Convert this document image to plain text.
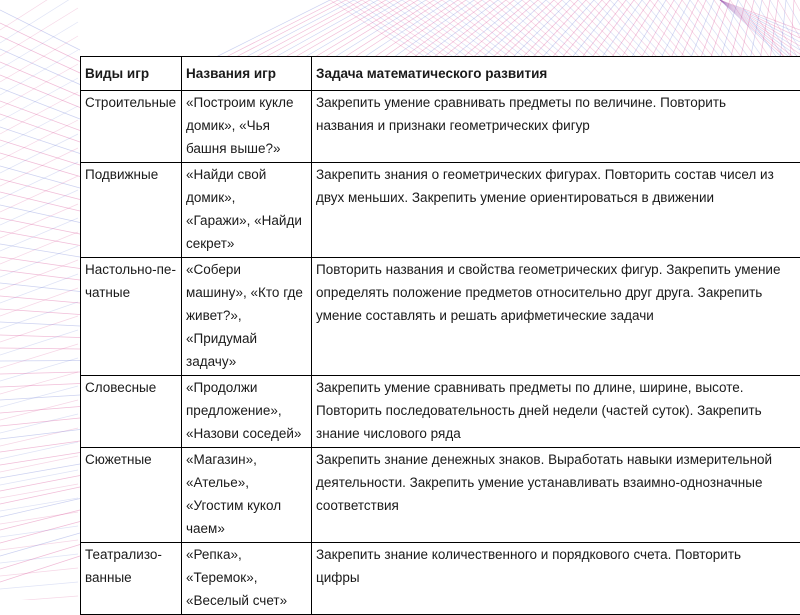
Виды игр	Названия игр	Задача математического развития

Строительные	«Построим кукле
домик», «Чья
башня выше?»	Закрепить умение сравнивать предметы по величине. Повторить
названия и признаки геометрических фигур

Подвижные	«Найди свой
домик»,
«Гаражи», «Найди
секрет»	Закрепить знания о геометрических фигурах. Повторить состав чисел из
двух меньших. Закрепить умение ориентироваться в движении

Настольно-пе-
чатные	«Собери
машину», «Кто где
живет?»,
«Придумай
задачу»	Повторить названия и свойства геометрических фигур. Закрепить умение
определять положение предметов относительно друг друга. Закрепить
умение составлять и решать арифметические задачи

Словесные	«Продолжи
предложение»,
«Назови соседей»	Закрепить умение сравнивать предметы по длине, ширине, высоте.
Повторить последовательность дней недели (частей суток). Закрепить
знание числового ряда

Сюжетные	«Магазин»,
«Ателье»,
«Угостим кукол
чаем»	Закрепить знание денежных знаков. Выработать навыки измерительной
деятельности. Закрепить умение устанавливать взаимно-однозначные
соответствия

Театрализо-
ванные	«Репка»,
«Теремок»,
«Веселый счет»	Закрепить знание количественного и порядкового счета. Повторить
цифры
